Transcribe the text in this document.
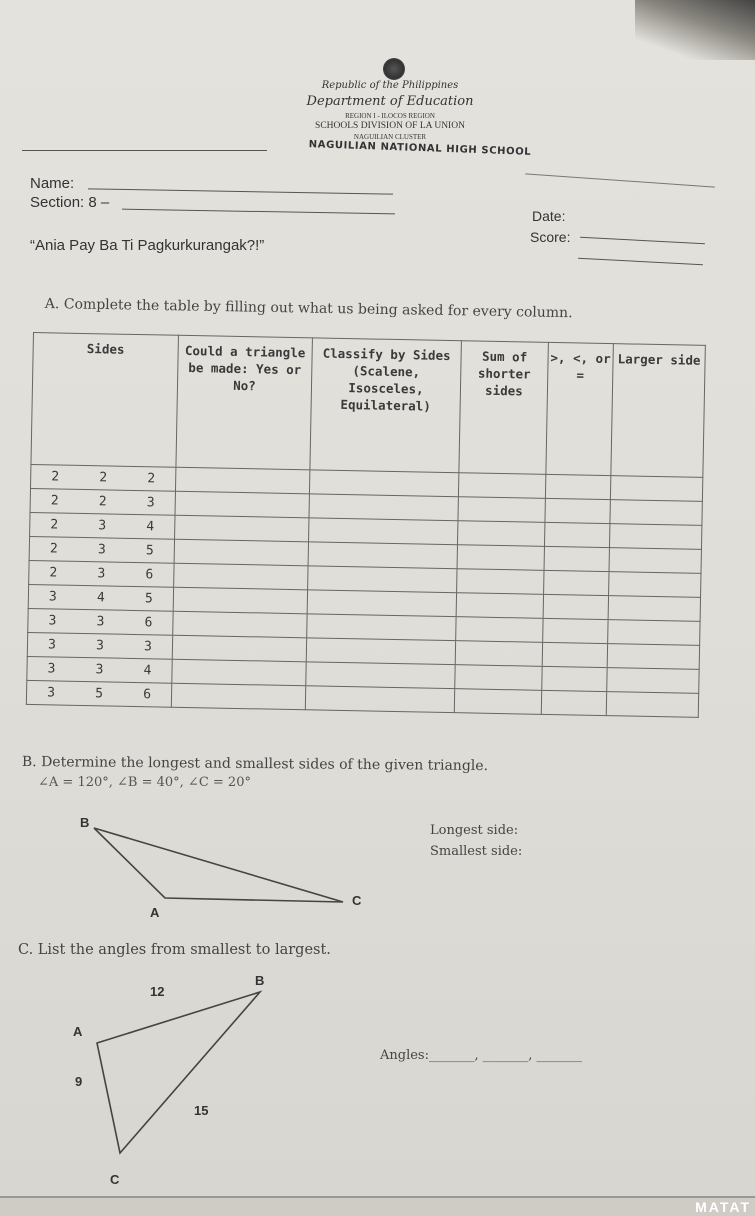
Republic of the Philippines
Department of Education
REGION I - ILOCOS REGION
SCHOOLS DIVISION OF LA UNION
NAGUILIAN CLUSTER
NAGUILIAN NATIONAL HIGH SCHOOL
Name:
Section: 8 –
Date:
Score:
“Ania Pay Ba Ti Pagkurkurangak?!”
A. Complete the table by filling out what us being asked for every column.
Sides			Could a triangle be made: Yes or No?	Classify by Sides (Scalene, Isosceles, Equilateral)	Sum of shorter sides	>, <, or =	Larger side
2	2	2					
2	2	3					
2	3	4					
2	3	5					
2	3	6					
3	4	5					
3	3	6					
3	3	3					
3	3	4					
3	5	6					
B. Determine the longest and smallest sides of the given triangle.
∠A = 120°, ∠B = 40°, ∠C = 20°
B
A
C
Longest side:
Smallest side:
C. List the angles from smallest to largest.
12
B
A
9
15
C
Angles:_______, _______, _______
MATAT
